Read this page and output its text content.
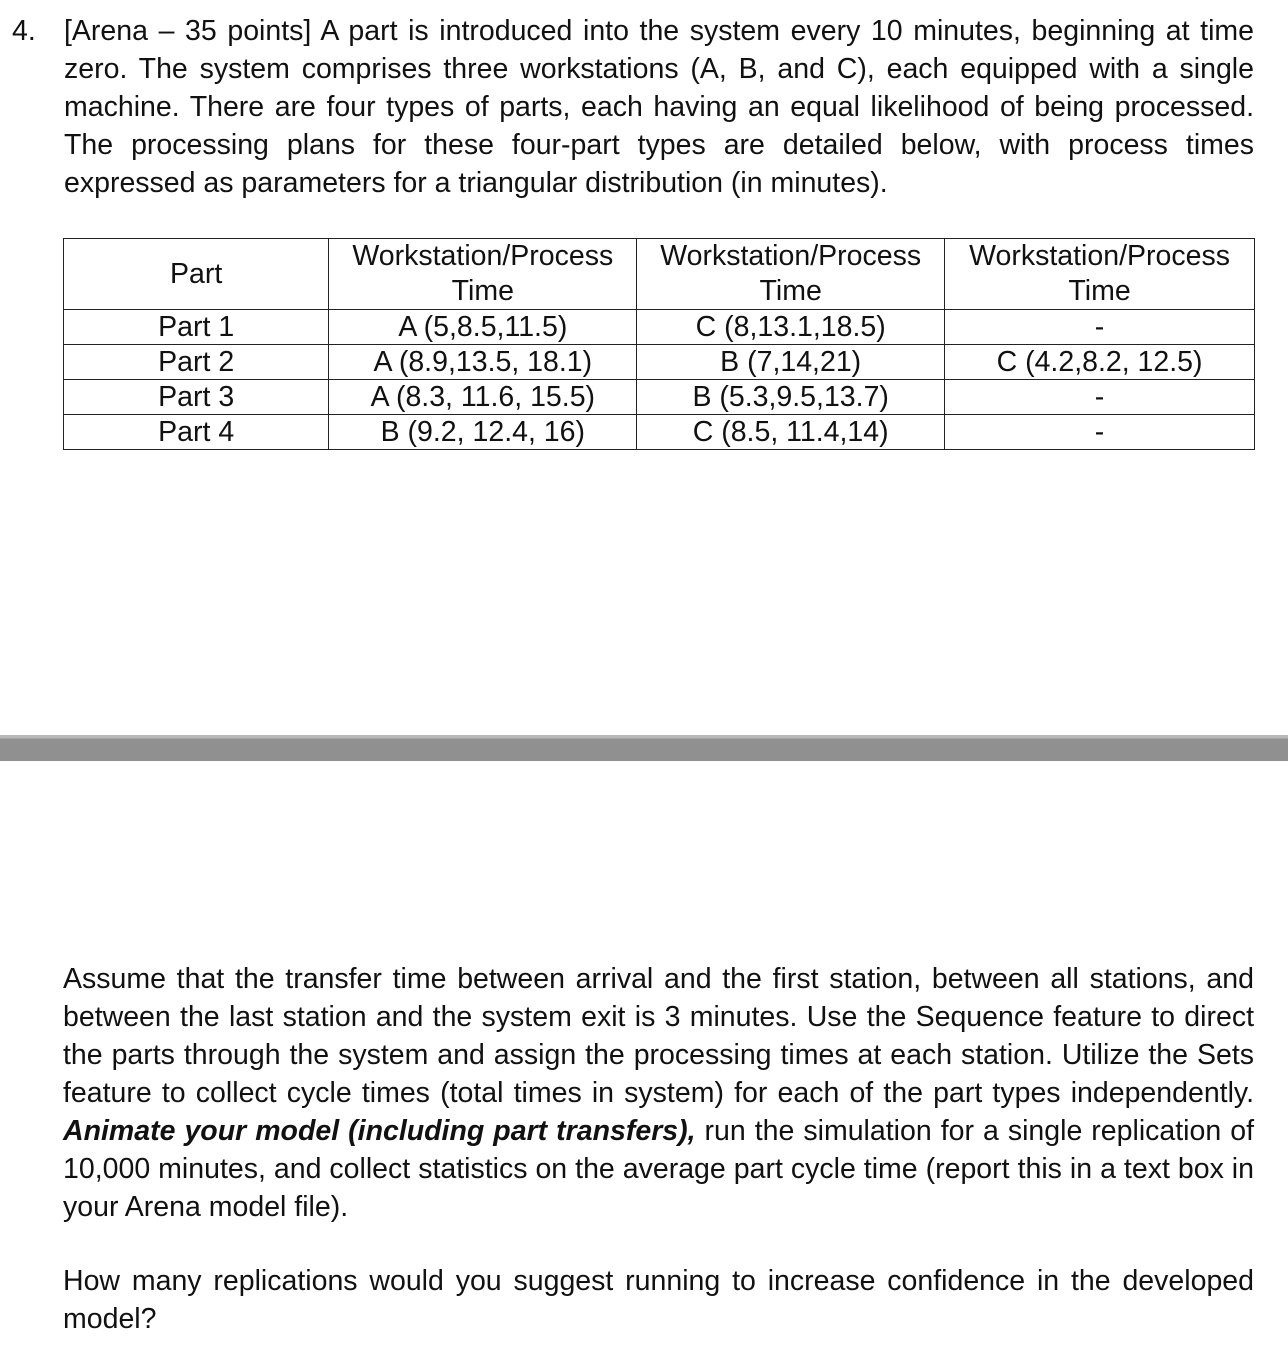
4. [Arena – 35 points] A part is introduced into the system every 10 minutes, beginning at time zero. The system comprises three workstations (A, B, and C), each equipped with a single machine. There are four types of parts, each having an equal likelihood of being processed. The processing plans for these four-part types are detailed below, with process times expressed as parameters for a triangular distribution (in minutes).
Part	Workstation/Process Time	Workstation/Process Time	Workstation/Process Time
Part 1	A (5,8.5,11.5)	C (8,13.1,18.5)	-
Part 2	A (8.9,13.5, 18.1)	B (7,14,21)	C (4.2,8.2, 12.5)
Part 3	A (8.3, 11.6, 15.5)	B (5.3,9.5,13.7)	-
Part 4	B (9.2, 12.4, 16)	C (8.5, 11.4,14)	-

Assume that the transfer time between arrival and the first station, between all stations, and between the last station and the system exit is 3 minutes. Use the Sequence feature to direct the parts through the system and assign the processing times at each station. Utilize the Sets feature to collect cycle times (total times in system) for each of the part types independently. Animate your model (including part transfers), run the simulation for a single replication of 10,000 minutes, and collect statistics on the average part cycle time (report this in a text box in your Arena model file).

How many replications would you suggest running to increase confidence in the developed model?
